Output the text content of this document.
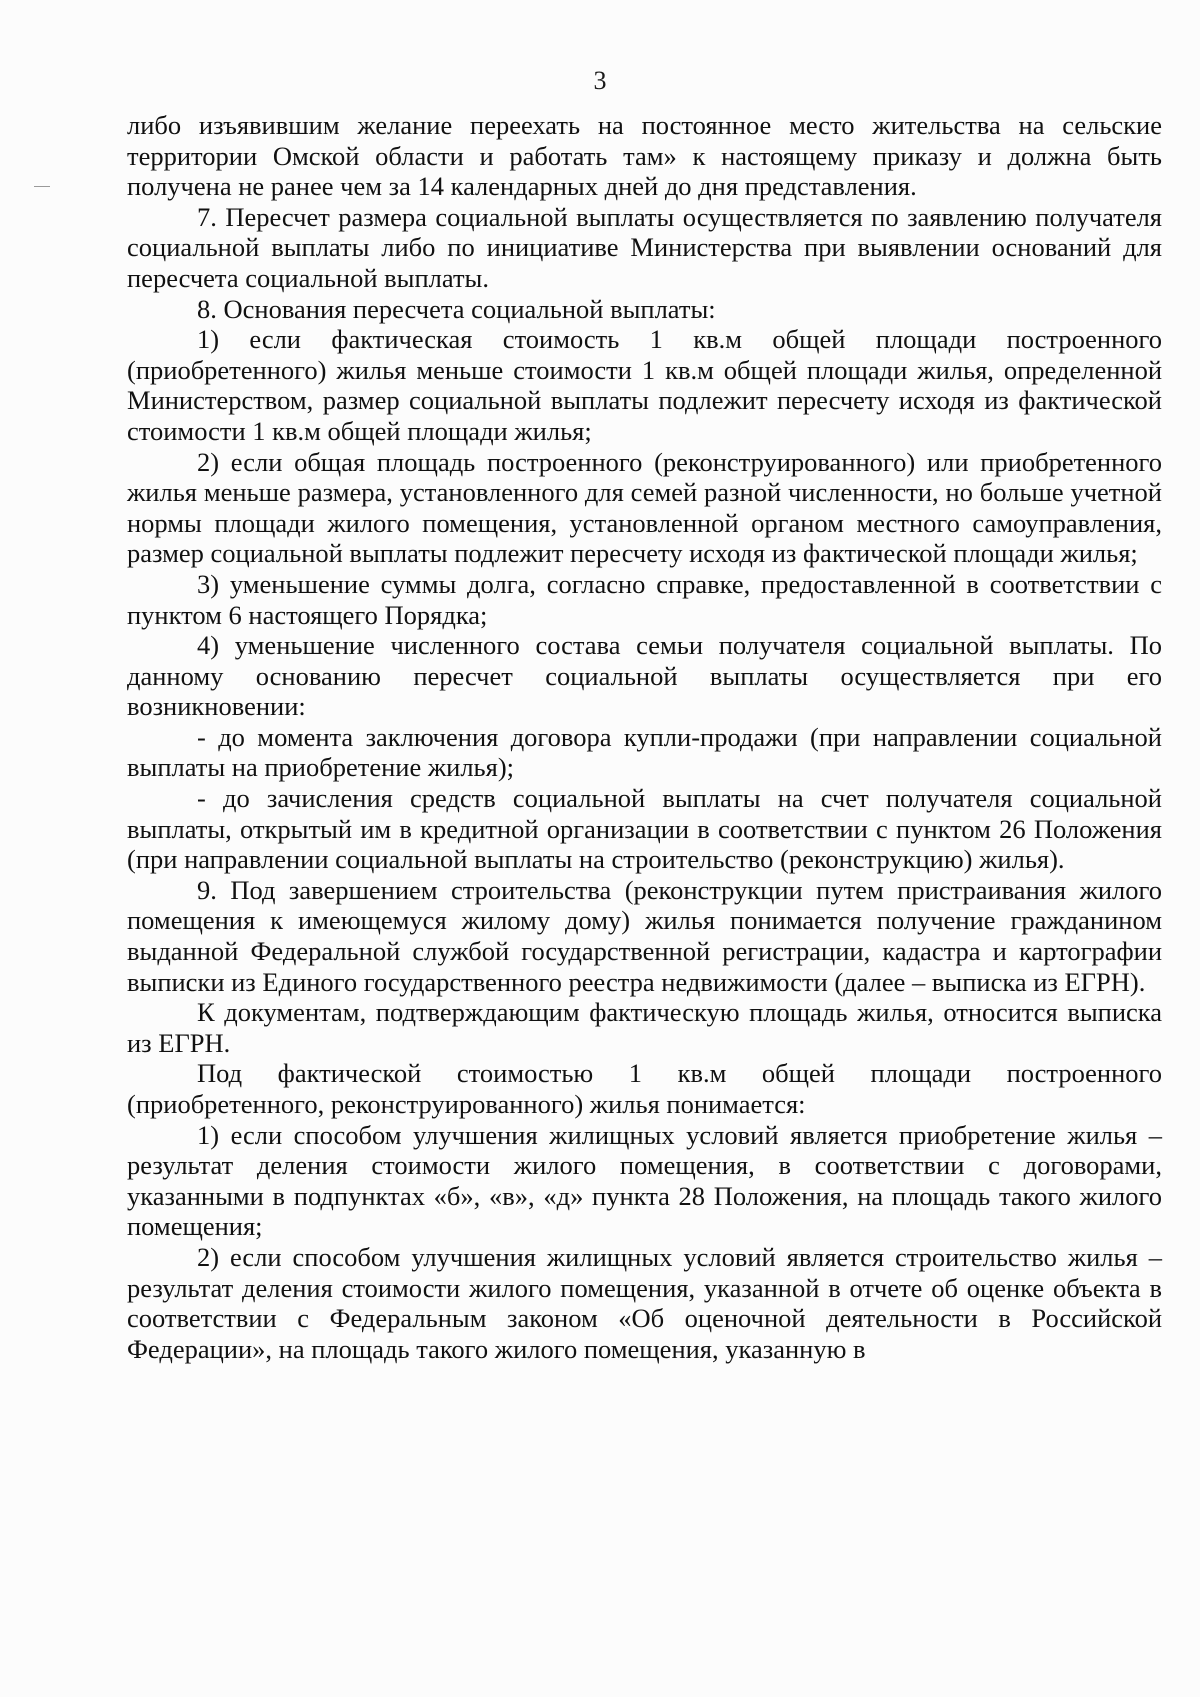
3

либо изъявившим желание переехать на постоянное место жительства на сельские территории Омской области и работать там» к настоящему приказу и должна быть получена не ранее чем за 14 календарных дней до дня представления.

7. Пересчет размера социальной выплаты осуществляется по заявлению получателя социальной выплаты либо по инициативе Министерства при выявлении оснований для пересчета социальной выплаты.

8. Основания пересчета социальной выплаты:

1) если фактическая стоимость 1 кв.м общей площади построенного (приобретенного) жилья меньше стоимости 1 кв.м общей площади жилья, определенной Министерством, размер социальной выплаты подлежит пересчету исходя из фактической стоимости 1 кв.м общей площади жилья;

2) если общая площадь построенного (реконструированного) или приобретенного жилья меньше размера, установленного для семей разной численности, но больше учетной нормы площади жилого помещения, установленной органом местного самоуправления, размер социальной выплаты подлежит пересчету исходя из фактической площади жилья;

3) уменьшение суммы долга, согласно справке, предоставленной в соответствии с пунктом 6 настоящего Порядка;

4) уменьшение численного состава семьи получателя социальной выплаты. По данному основанию пересчет социальной выплаты осуществляется при его возникновении:

- до момента заключения договора купли-продажи (при направлении социальной выплаты на приобретение жилья);

- до зачисления средств социальной выплаты на счет получателя социальной выплаты, открытый им в кредитной организации в соответствии с пунктом 26 Положения (при направлении социальной выплаты на строительство (реконструкцию) жилья).

9. Под завершением строительства (реконструкции путем пристраивания жилого помещения к имеющемуся жилому дому) жилья понимается получение гражданином выданной Федеральной службой государственной регистрации, кадастра и картографии выписки из Единого государственного реестра недвижимости (далее – выписка из ЕГРН).

К документам, подтверждающим фактическую площадь жилья, относится выписка из ЕГРН.

Под фактической стоимостью 1 кв.м общей площади построенного (приобретенного, реконструированного) жилья понимается:

1) если способом улучшения жилищных условий является приобретение жилья – результат деления стоимости жилого помещения, в соответствии с договорами, указанными в подпунктах «б», «в», «д» пункта 28 Положения, на площадь такого жилого помещения;

2) если способом улучшения жилищных условий является строительство жилья – результат деления стоимости жилого помещения, указанной в отчете об оценке объекта в соответствии с Федеральным законом «Об оценочной деятельности в Российской Федерации», на площадь такого жилого помещения, указанную в
